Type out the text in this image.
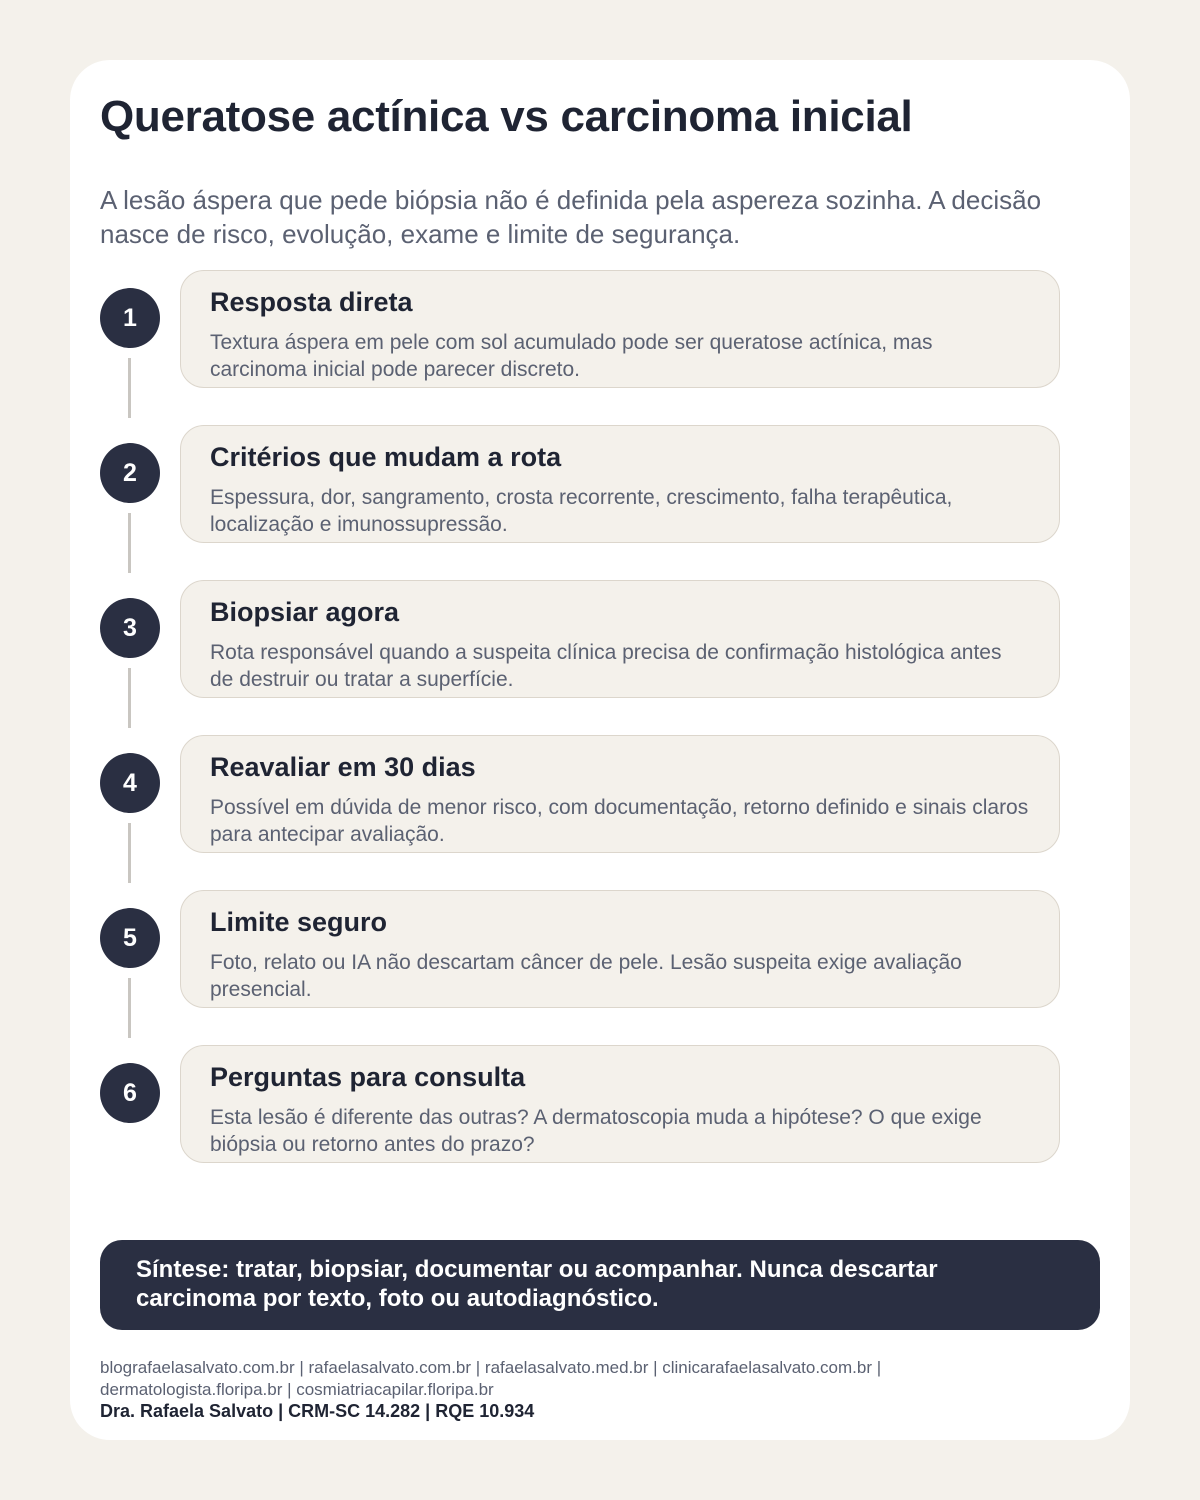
Queratose actínica vs carcinoma inicial

A lesão áspera que pede biópsia não é definida pela aspereza sozinha. A decisão nasce de risco, evolução, exame e limite de segurança.

1
Resposta direta
Textura áspera em pele com sol acumulado pode ser queratose actínica, mas carcinoma inicial pode parecer discreto.
2
Critérios que mudam a rota
Espessura, dor, sangramento, crosta recorrente, crescimento, falha terapêutica, localização e imunossupressão.
3
Biopsiar agora
Rota responsável quando a suspeita clínica precisa de confirmação histológica antes de destruir ou tratar a superfície.
4
Reavaliar em 30 dias
Possível em dúvida de menor risco, com documentação, retorno definido e sinais claros para antecipar avaliação.
5
Limite seguro
Foto, relato ou IA não descartam câncer de pele. Lesão suspeita exige avaliação presencial.
6
Perguntas para consulta
Esta lesão é diferente das outras? A dermatoscopia muda a hipótese? O que exige biópsia ou retorno antes do prazo?
Síntese: tratar, biopsiar, documentar ou acompanhar. Nunca descartar carcinoma por texto, foto ou autodiagnóstico.
blografaelasalvato.com.br | rafaelasalvato.com.br | rafaelasalvato.med.br | clinicarafaelasalvato.com.br | dermatologista.floripa.br | cosmiatriacapilar.floripa.br
Dra. Rafaela Salvato | CRM-SC 14.282 | RQE 10.934
